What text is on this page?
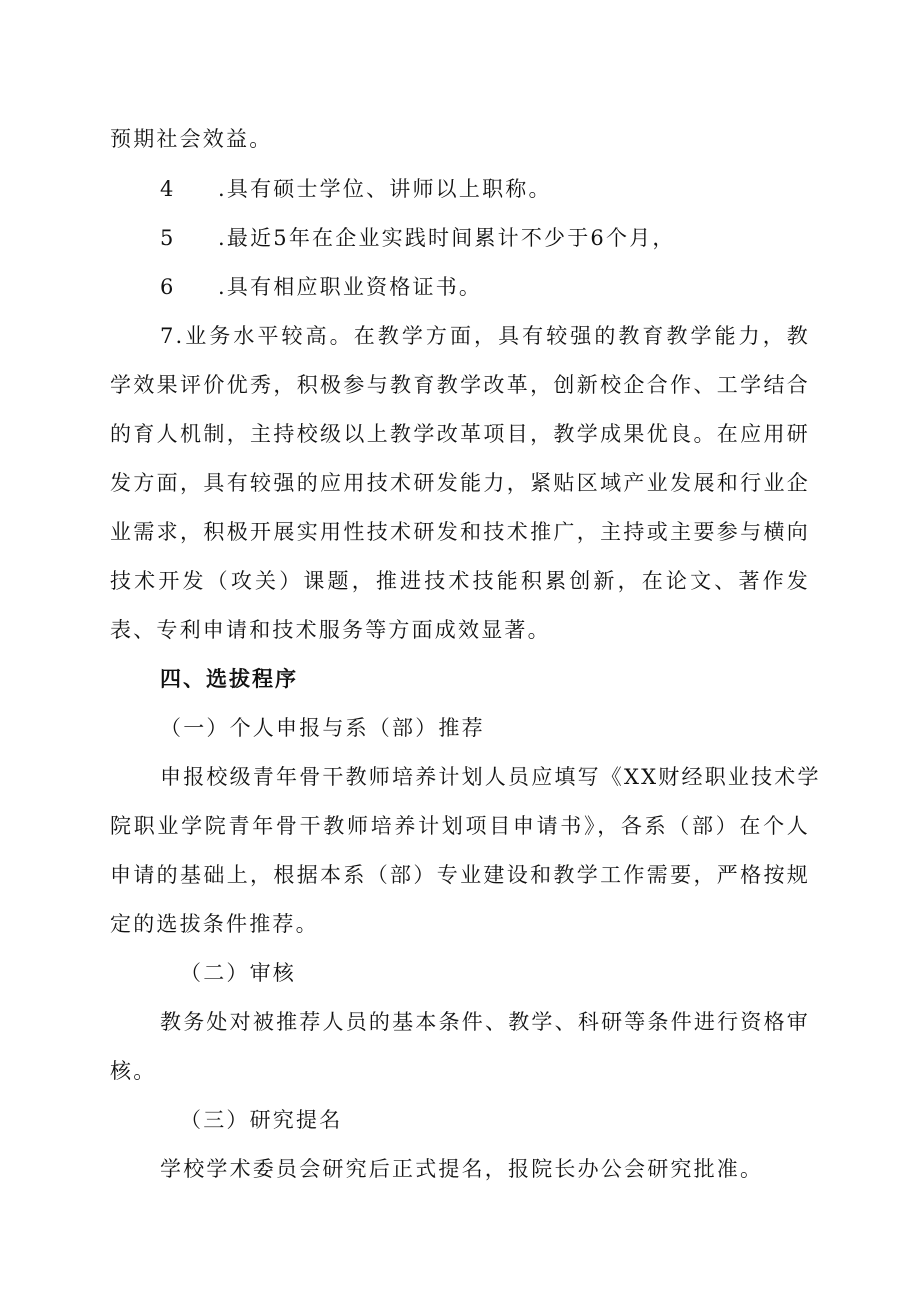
预期社会效益。
4 .具有硕士学位、讲师以上职称。
5 .最近5年在企业实践时间累计不少于6个月，
6 .具有相应职业资格证书。
7.业务水平较高。在教学方面，具有较强的教育教学能力，教
学效果评价优秀，积极参与教育教学改革，创新校企合作、工学结合
的育人机制，主持校级以上教学改革项目，教学成果优良。在应用研
发方面，具有较强的应用技术研发能力，紧贴区域产业发展和行业企
业需求，积极开展实用性技术研发和技术推广，主持或主要参与横向
技术开发（攻关）课题，推进技术技能积累创新，在论文、著作发
表、专利申请和技术服务等方面成效显著。
四、选拔程序
（一）个人申报与系（部）推荐
申报校级青年骨干教师培养计划人员应填写《XX财经职业技术学
院职业学院青年骨干教师培养计划项目申请书》，各系（部）在个人
申请的基础上，根据本系（部）专业建设和教学工作需要，严格按规
定的选拔条件推荐。
（二）审核
教务处对被推荐人员的基本条件、教学、科研等条件进行资格审
核。
（三）研究提名
学校学术委员会研究后正式提名，报院长办公会研究批准。
